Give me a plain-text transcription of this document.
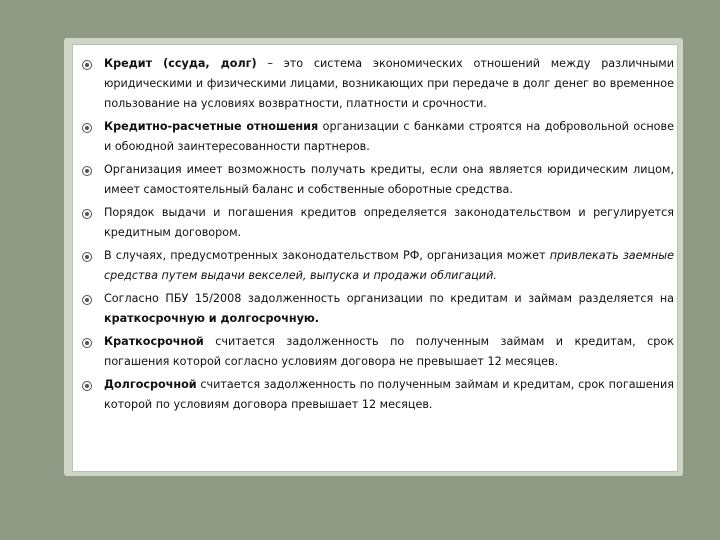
Кредит (ссуда, долг) – это система экономических отношений между различными юридическими и физическими лицами, возникающих при передаче в долг денег во временное пользование на условиях возвратности, платности и срочности.
Кредитно-расчетные отношения организации с банками строятся на добровольной основе и обоюдной заинтересованности партнеров.
Организация имеет возможность получать кредиты, если она является юридическим лицом, имеет самостоятельный баланс и собственные оборотные средства.
Порядок выдачи и погашения кредитов определяется законодательством и регулируется кредитным договором.
В случаях, предусмотренных законодательством РФ, организация может привлекать заемные средства путем выдачи векселей, выпуска и продажи облигаций.
Согласно ПБУ 15/2008 задолженность организации по кредитам и займам разделяется на краткосрочную и долгосрочную.
Краткосрочной считается задолженность по полученным займам и кредитам, срок погашения которой согласно условиям договора не превышает 12 месяцев.
Долгосрочной считается задолженность по полученным займам и кредитам, срок погашения которой по условиям договора превышает 12 месяцев.
